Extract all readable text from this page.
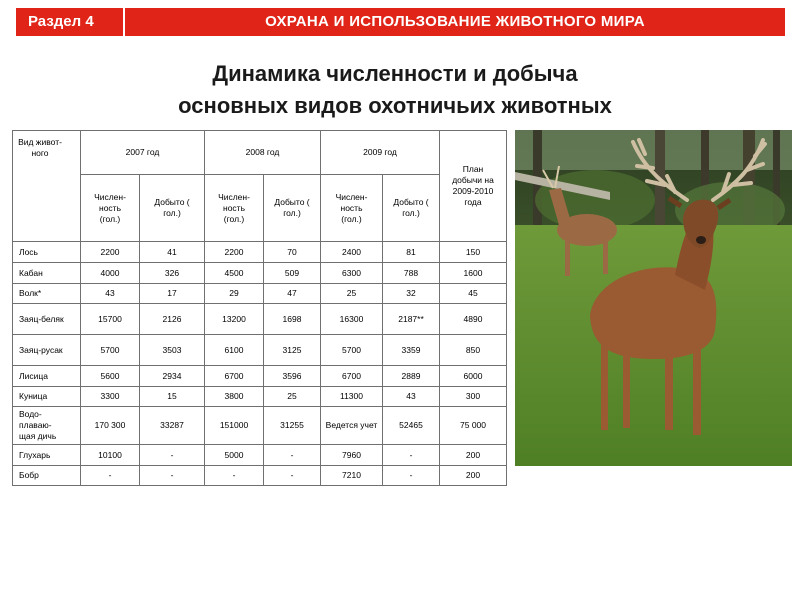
Раздел 4	ОХРАНА И ИСПОЛЬЗОВАНИЕ ЖИВОТНОГО МИРА
Динамика численности и добыча
основных видов охотничьих животных
Вид живот-ного	2007 год		2008 год		2009 год		План добычи на 2009-2010 года

	Числен-ность (гол.)	Добыто ( гол.)	Числен-ность (гол.)	Добыто ( гол.)	Числен-ность (гол.)	Добыто ( гол.)	

Лось	2200	41	2200	70	2400	81	150

Кабан	4000	326	4500	509	6300	788	1600

Волк*	43	17	29	47	25	32	45

Заяц-беляк	15700	2126	13200	1698	16300	2187**	4890

Заяц-русак	5700	3503	6100	3125	5700	3359	850

Лисица	5600	2934	6700	3596	6700	2889	6000

Куница	3300	15	3800	25	11300	43	300

Водо-плаваю-щая дичь	170 300	33287	151000	31255	Ведется учет	52465	75 000

Глухарь	10100	-	5000	-	7960	-	200

Бобр	-	-	-	-	7210	-	200
